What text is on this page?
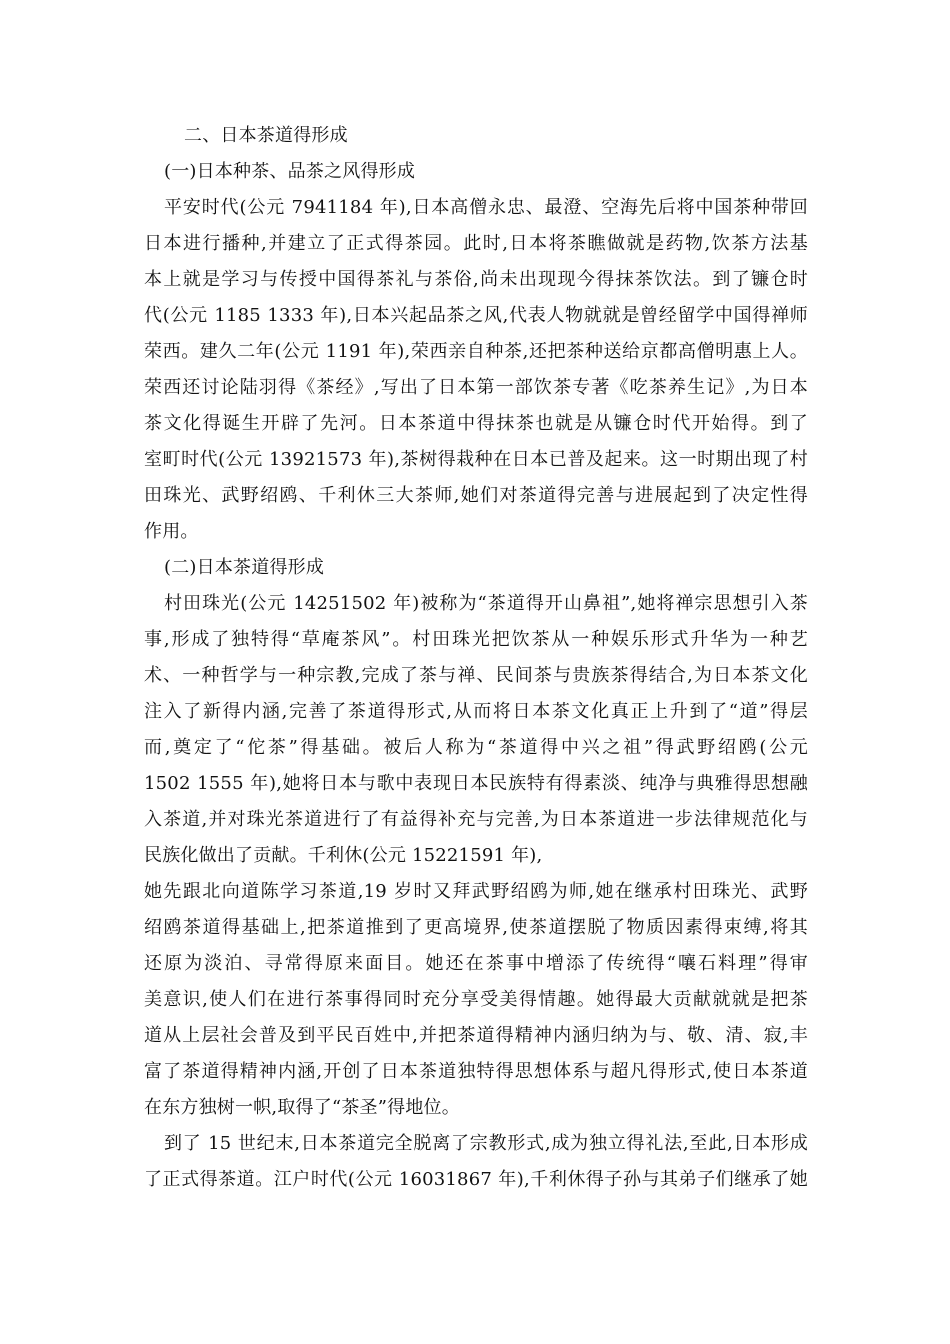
二、日本茶道得形成
(一)日本种茶、品茶之风得形成
平安时代(公元 7941184 年),日本高僧永忠、最澄、空海先后将中国茶种带回
日本进行播种,并建立了正式得茶园。此时,日本将茶瞧做就是药物,饮茶方法基
本上就是学习与传授中国得茶礼与茶俗,尚未出现现今得抹茶饮法。到了镰仓时
代(公元 1185 1333 年),日本兴起品茶之风,代表人物就就是曾经留学中国得禅师
荣西。建久二年(公元 1191 年),荣西亲自种茶,还把茶种送给京都高僧明惠上人。
荣西还讨论陆羽得《茶经》,写出了日本第一部饮茶专著《吃茶养生记》,为日本
茶文化得诞生开辟了先河。日本茶道中得抹茶也就是从镰仓时代开始得。到了
室町时代(公元 13921573 年),茶树得栽种在日本已普及起来。这一时期出现了村
田珠光、武野绍鸥、千利休三大茶师,她们对茶道得完善与进展起到了决定性得
作用。
(二)日本茶道得形成
村田珠光(公元 14251502 年)被称为“茶道得开山鼻祖”,她将禅宗思想引入茶
事,形成了独特得“草庵茶风”。村田珠光把饮茶从一种娱乐形式升华为一种艺
术、一种哲学与一种宗教,完成了茶与禅、民间茶与贵族茶得结合,为日本茶文化
注入了新得内涵,完善了茶道得形式,从而将日本茶文化真正上升到了“道”得层
而,奠定了“佗茶”得基础。被后人称为“茶道得中兴之祖”得武野绍鸥(公元
1502 1555 年),她将日本与歌中表现日本民族特有得素淡、纯净与典雅得思想融
入茶道,并对珠光茶道进行了有益得补充与完善,为日本茶道进一步法律规范化与
民族化做出了贡献。千利休(公元 15221591 年),
她先跟北向道陈学习茶道,19 岁时又拜武野绍鸥为师,她在继承村田珠光、武野
绍鸥茶道得基础上,把茶道推到了更高境界,使茶道摆脱了物质因素得束缚,将其
还原为淡泊、寻常得原来面目。她还在茶事中增添了传统得“嚷石料理”得审
美意识,使人们在进行茶事得同时充分享受美得情趣。她得最大贡献就就是把茶
道从上层社会普及到平民百姓中,并把茶道得精神内涵归纳为与、敬、清、寂,丰
富了茶道得精神内涵,开创了日本茶道独特得思想体系与超凡得形式,使日本茶道
在东方独树一帜,取得了“茶圣”得地位。
到了 15 世纪末,日本茶道完全脱离了宗教形式,成为独立得礼法,至此,日本形成
了正式得茶道。江户时代(公元 16031867 年),千利休得子孙与其弟子们继承了她
